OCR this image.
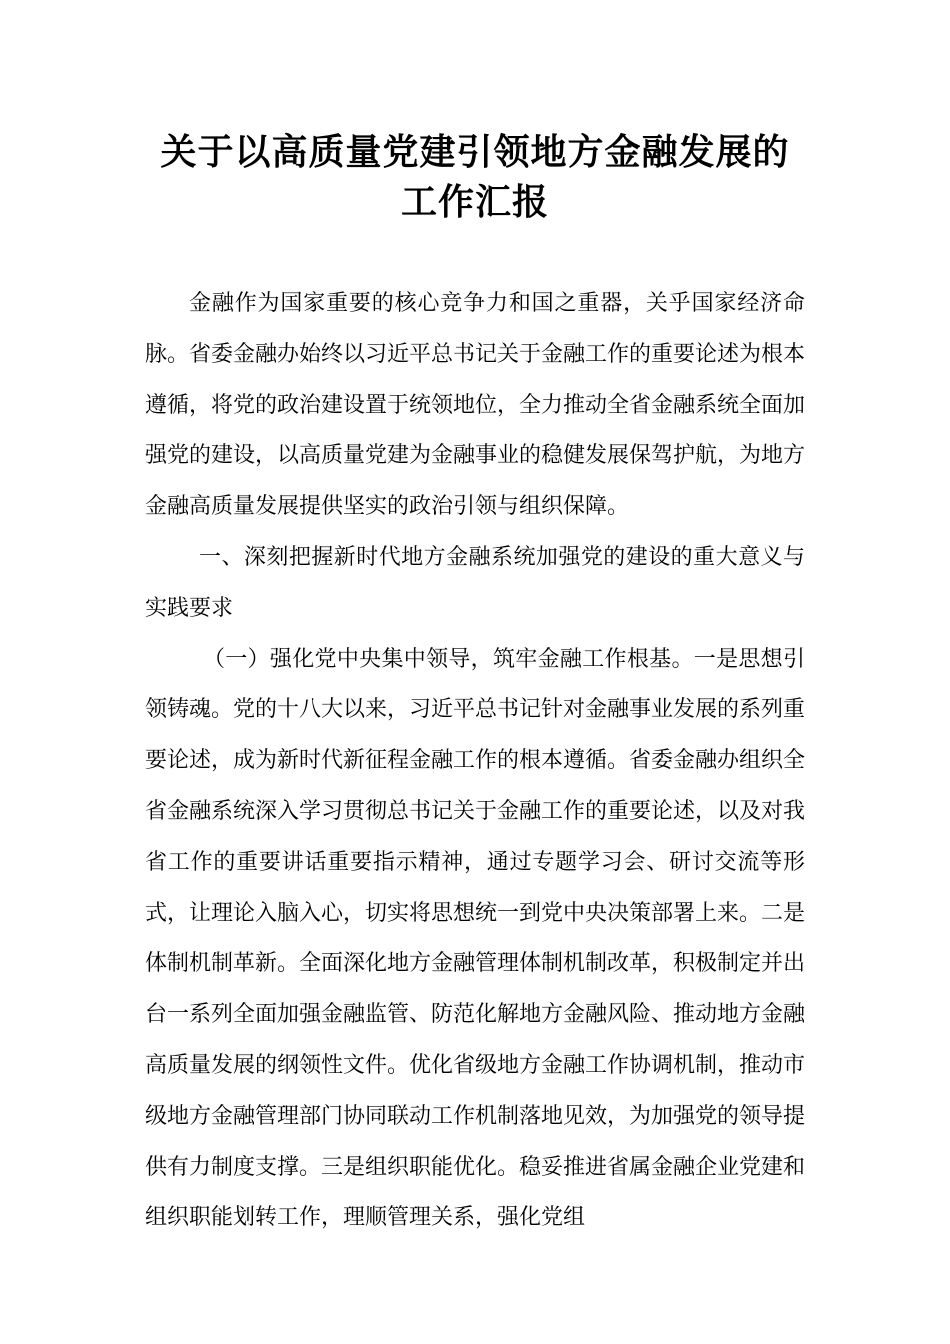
关于以高质量党建引领地方金融发展的工作汇报

金融作为国家重要的核心竞争力和国之重器，关乎国家经济命脉。省委金融办始终以习近平总书记关于金融工作的重要论述为根本遵循，将党的政治建设置于统领地位，全力推动全省金融系统全面加强党的建设，以高质量党建为金融事业的稳健发展保驾护航，为地方金融高质量发展提供坚实的政治引领与组织保障。

一、深刻把握新时代地方金融系统加强党的建设的重大意义与实践要求

（一）强化党中央集中领导，筑牢金融工作根基。一是思想引领铸魂。党的十八大以来，习近平总书记针对金融事业发展的系列重要论述，成为新时代新征程金融工作的根本遵循。省委金融办组织全省金融系统深入学习贯彻总书记关于金融工作的重要论述，以及对我省工作的重要讲话重要指示精神，通过专题学习会、研讨交流等形式，让理论入脑入心，切实将思想统一到党中央决策部署上来。二是体制机制革新。全面深化地方金融管理体制机制改革，积极制定并出台一系列全面加强金融监管、防范化解地方金融风险、推动地方金融高质量发展的纲领性文件。优化省级地方金融工作协调机制，推动市级地方金融管理部门协同联动工作机制落地见效，为加强党的领导提供有力制度支撑。三是组织职能优化。稳妥推进省属金融企业党建和组织职能划转工作，理顺管理关系，强化党组
